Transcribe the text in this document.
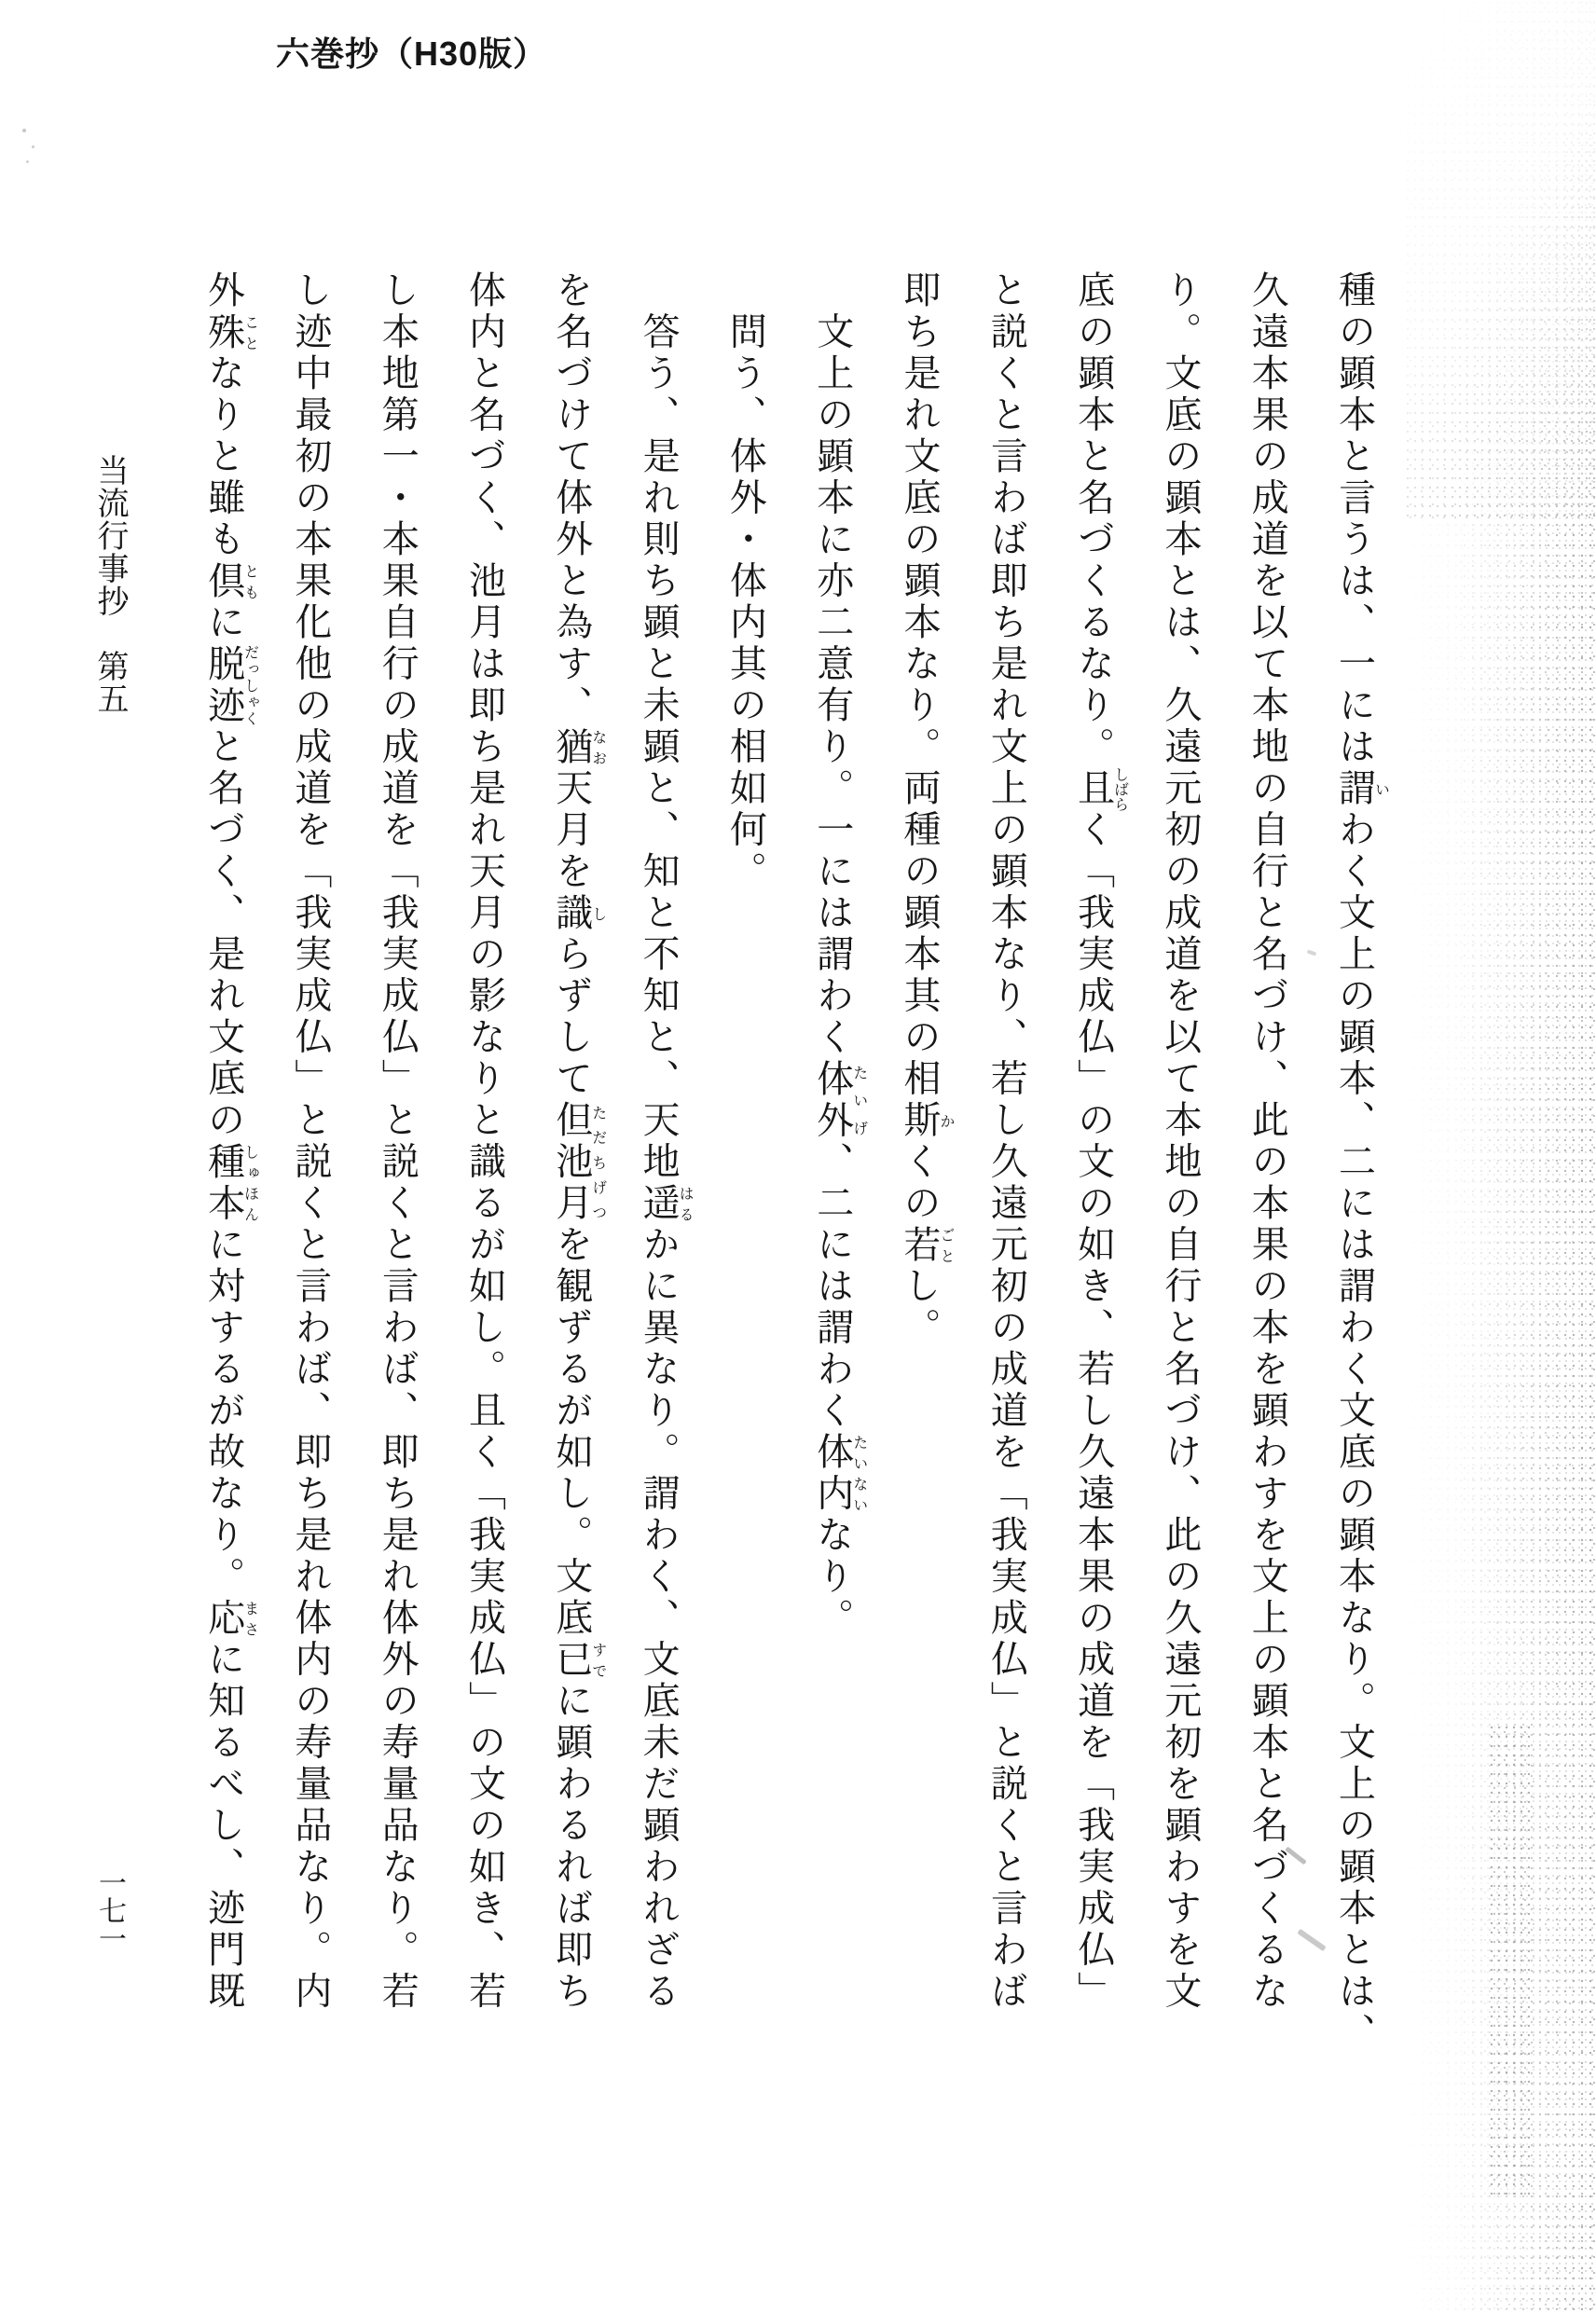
六巻抄（H30版）
当流行事抄　第五	種の顕本と言うは、一には謂いわく文上の顕本、二には謂わく文底の顕本なり。文上の顕本とは、
久遠本果の成道を以て本地の自行と名づけ、此の本果の本を顕わすを文上の顕本と名づくるな
り。文底の顕本とは、久遠元初の成道を以て本地の自行と名づけ、此の久遠元初を顕わすを文
底の顕本と名づくるなり。且しばらく「我実成仏」の文の如き、若し久遠本果の成道を「我実成仏」
と説くと言わば即ち是れ文上の顕本なり、若し久遠元初の成道を「我実成仏」と説くと言わば
即ち是れ文底の顕本なり。両種の顕本其の相斯かくの若ごとし。
　文上の顕本に亦二意有り。一には謂わく体外たいげ、二には謂わく体内たいないなり。
　問う、体外・体内其の相如何。
　答う、是れ則ち顕と未顕と、知と不知と、天地遥はるかに異なり。謂わく、文底未だ顕われざる
を名づけて体外と為す、猶なお天月を識しらずして但池月ただちげつを観ずるが如し。文底已すでに顕わるれば即ち
体内と名づく、池月は即ち是れ天月の影なりと識るが如し。且く「我実成仏」の文の如き、若
し本地第一・本果自行の成道を「我実成仏」と説くと言わば、即ち是れ体外の寿量品なり。若
し迹中最初の本果化他の成道を「我実成仏」と説くと言わば、即ち是れ体内の寿量品なり。内
外殊ことなりと雖も倶ともに脱迹だっしゃくと名づく、是れ文底の種本しゅほんに対するが故なり。応まさに知るべし、迹門既
一七一
